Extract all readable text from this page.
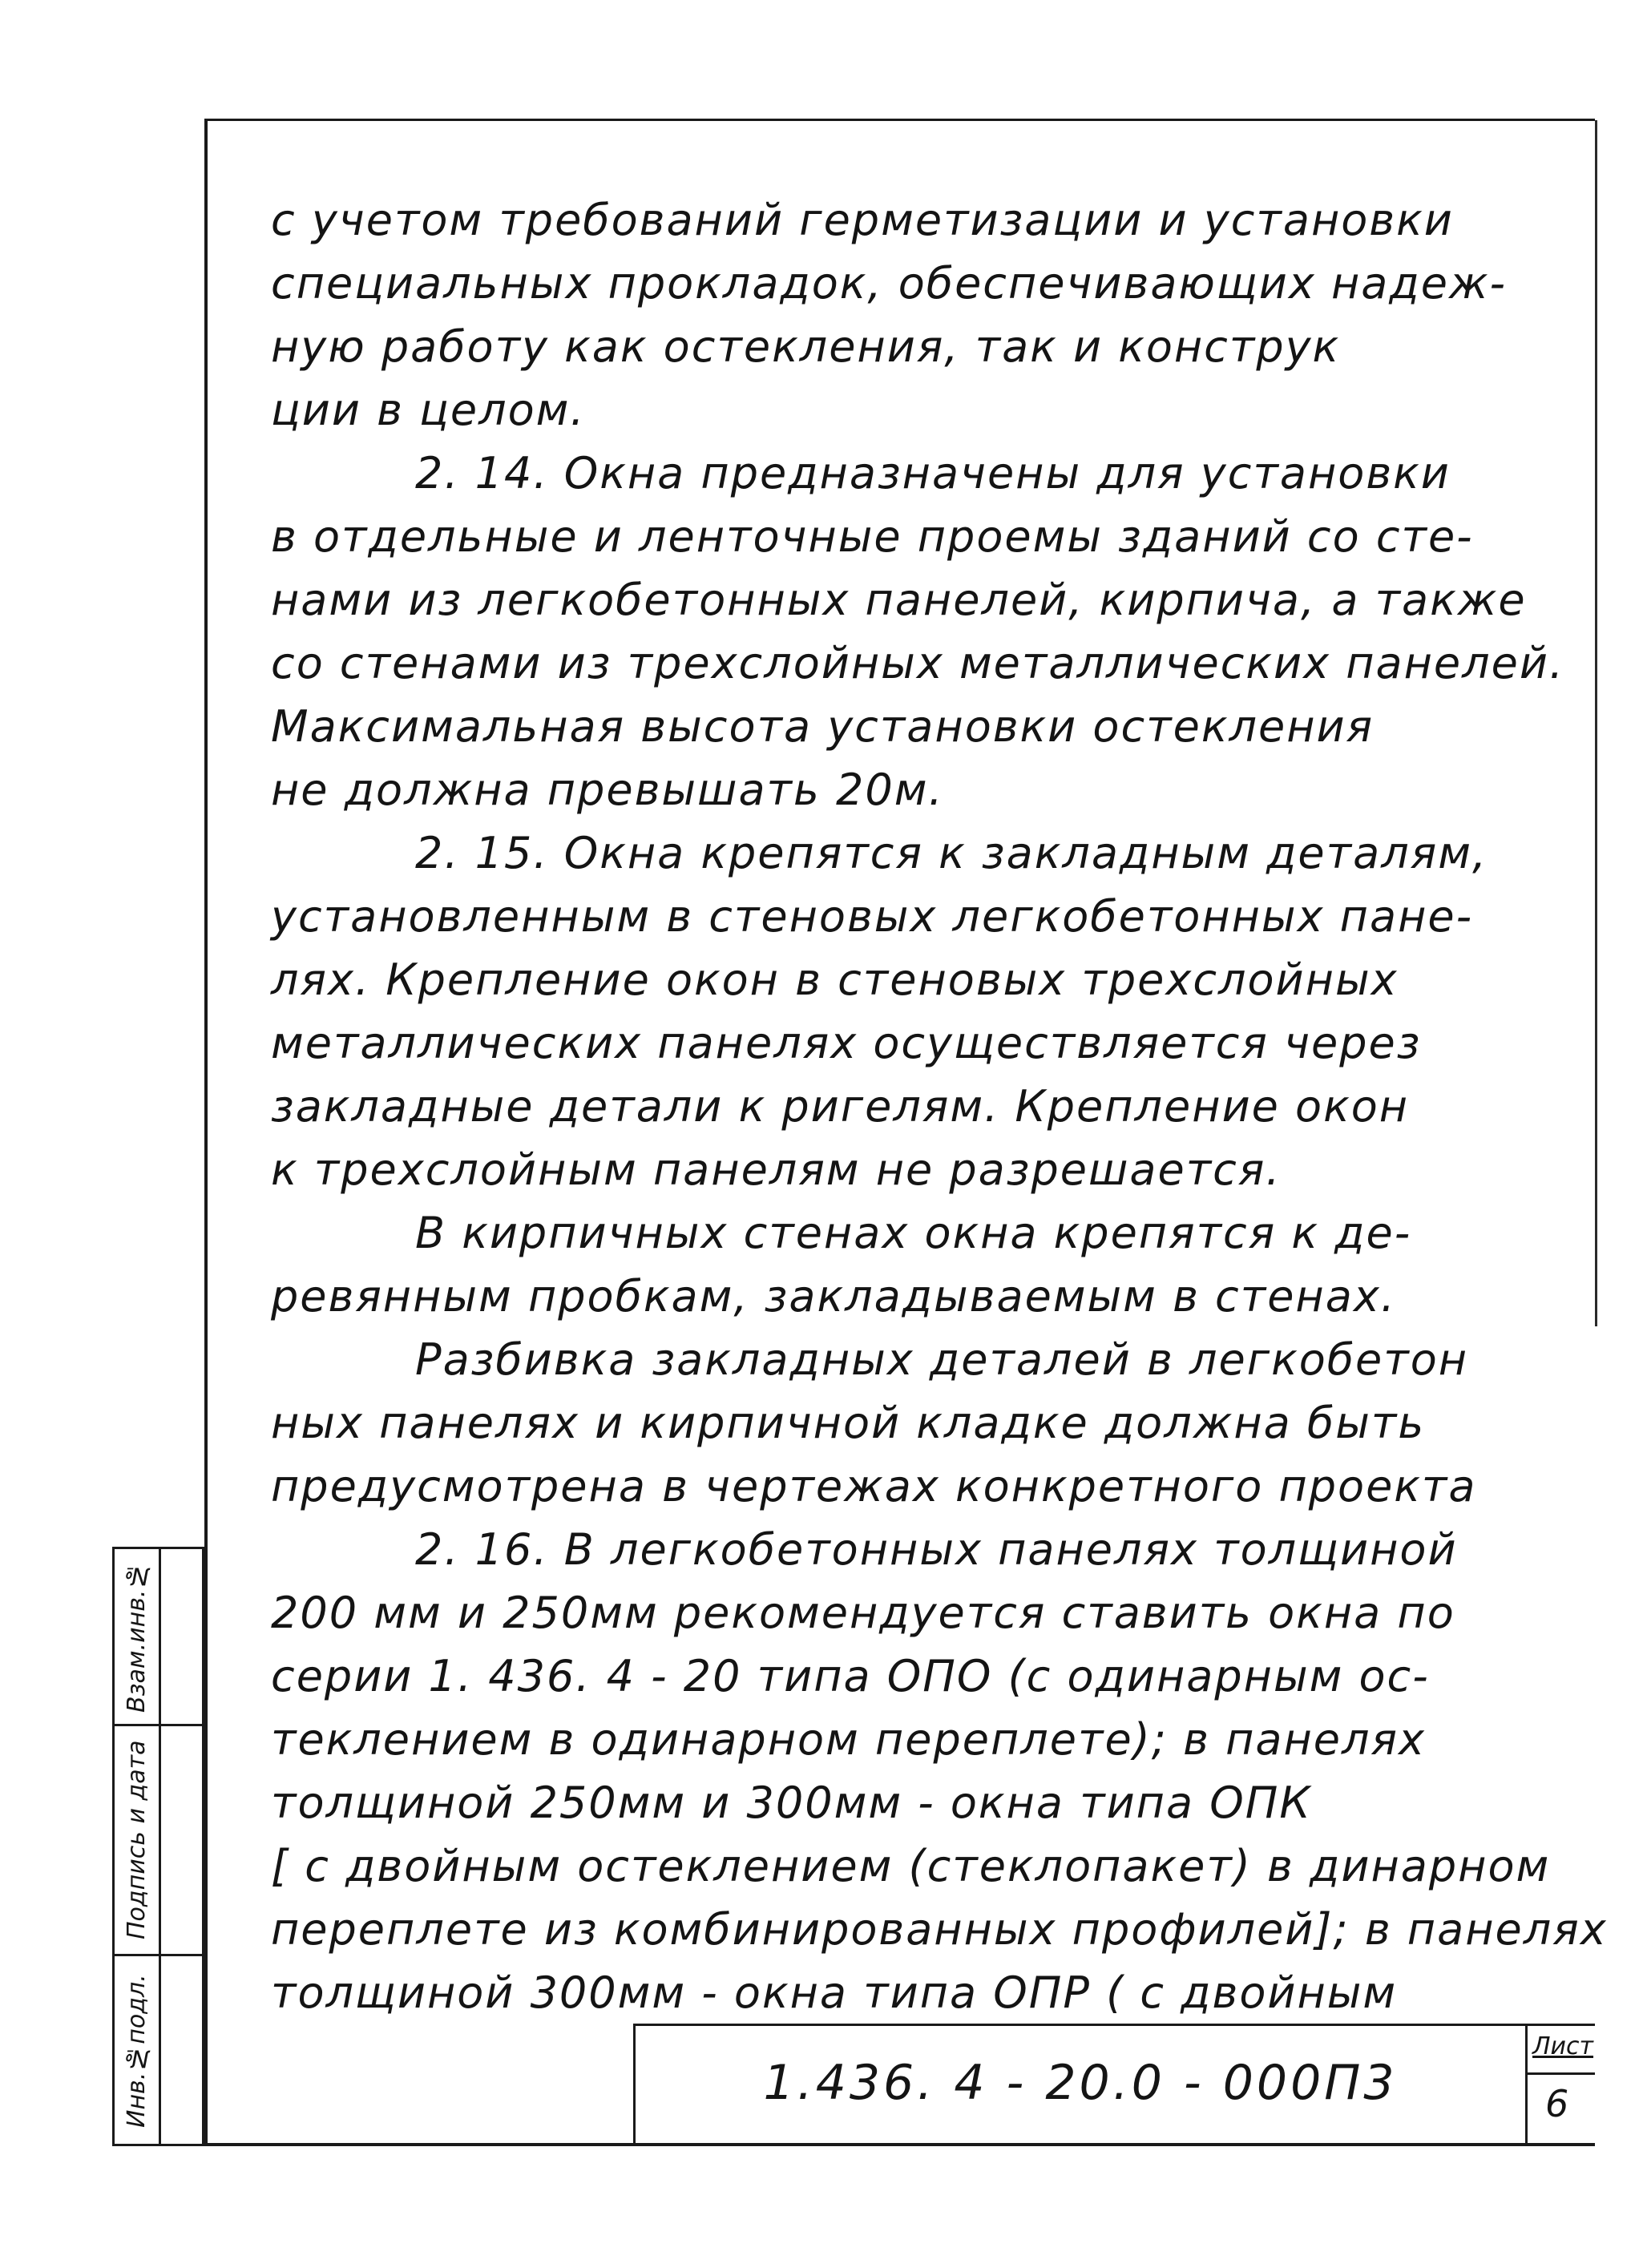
с учетом требований герметизации и установки
специальных прокладок, обеспечивающих надеж-
ную работу как остекления, так и конструк
ции в целом.
2. 14. Окна предназначены для установки
в отдельные и ленточные проемы зданий со сте-
нами из легкобетонных панелей, кирпича, а также
со стенами из трехслойных металлических панелей.
Максимальная высота установки остекления
не должна превышать 20м.
2. 15. Окна крепятся к закладным деталям,
установленным в стеновых легкобетонных пане-
лях. Крепление окон в стеновых трехслойных
металлических панелях осуществляется через
закладные детали к ригелям. Крепление окон
к трехслойным панелям не разрешается.
В кирпичных стенах окна крепятся к де-
ревянным пробкам, закладываемым в стенах.
Разбивка закладных деталей в легкобетон
ных панелях и кирпичной кладке должна быть
предусмотрена в чертежах конкретного проекта
2. 16. В легкобетонных панелях толщиной
200 мм и 250мм рекомендуется ставить окна по
серии 1. 436. 4 - 20 типа ОПО (с одинарным ос-
теклением в одинарном переплете); в панелях
толщиной 250мм и 300мм - окна типа ОПК
[ с двойным остеклением (стеклопакет) в динарном
переплете из комбинированных профилей]; в панелях
толщиной 300мм - окна типа ОПР ( с двойным
Взам.инв.№
Подпись и дата
Инв.№подл.	1.436. 4 - 20.0 - 000П3
Лист
6
